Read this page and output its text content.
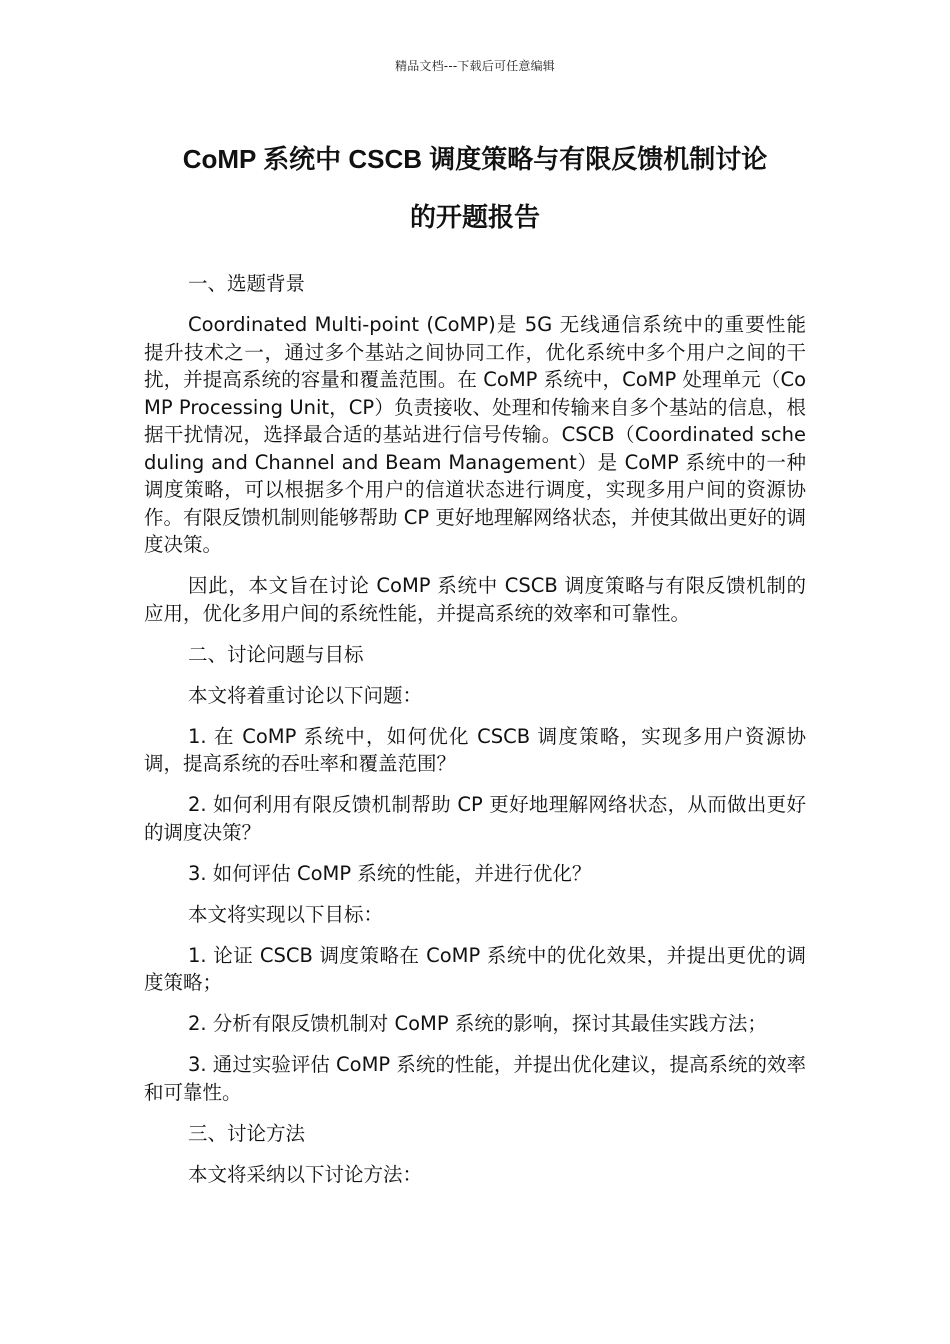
精品文档---下载后可任意编辑
CoMP 系统中 CSCB 调度策略与有限反馈机制讨论
的开题报告

一、选题背景

Coordinated Multi-point (CoMP)是 5G 无线通信系统中的重要性能提升技术之一，通过多个基站之间协同工作，优化系统中多个用户之间的干扰，并提高系统的容量和覆盖范围。在 CoMP 系统中，CoMP 处理单元（CoMP Processing Unit，CP）负责接收、处理和传输来自多个基站的信息，根据干扰情况，选择最合适的基站进行信号传输。CSCB（Coordinated scheduling and Channel and Beam Management）是 CoMP 系统中的一种调度策略，可以根据多个用户的信道状态进行调度，实现多用户间的资源协作。有限反馈机制则能够帮助 CP 更好地理解网络状态，并使其做出更好的调度决策。

因此，本文旨在讨论 CoMP 系统中 CSCB 调度策略与有限反馈机制的应用，优化多用户间的系统性能，并提高系统的效率和可靠性。

二、讨论问题与目标

本文将着重讨论以下问题：

1. 在 CoMP 系统中，如何优化 CSCB 调度策略，实现多用户资源协调，提高系统的吞吐率和覆盖范围？

2. 如何利用有限反馈机制帮助 CP 更好地理解网络状态，从而做出更好的调度决策？

3. 如何评估 CoMP 系统的性能，并进行优化？

本文将实现以下目标：

1. 论证 CSCB 调度策略在 CoMP 系统中的优化效果，并提出更优的调度策略；

2. 分析有限反馈机制对 CoMP 系统的影响，探讨其最佳实践方法；

3. 通过实验评估 CoMP 系统的性能，并提出优化建议，提高系统的效率和可靠性。

三、讨论方法

本文将采纳以下讨论方法：
